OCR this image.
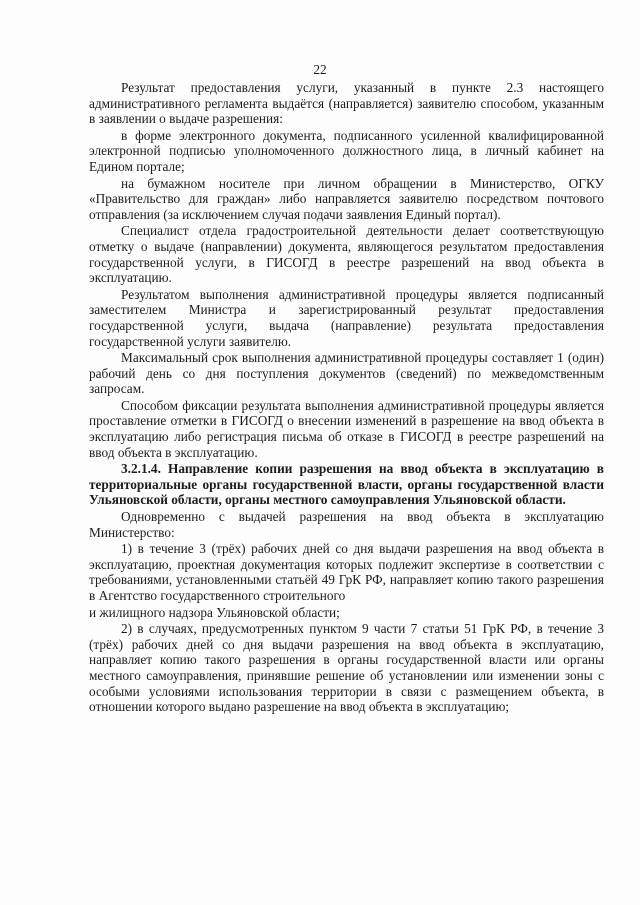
22

Результат предоставления услуги, указанный в пункте 2.3 настоящего административного регламента выдаётся (направляется) заявителю способом, указанным в заявлении о выдаче разрешения:

в форме электронного документа, подписанного усиленной квалифицированной электронной подписью уполномоченного должностного лица, в личный кабинет на Едином портале;

на бумажном носителе при личном обращении в Министерство, ОГКУ «Правительство для граждан» либо направляется заявителю посредством почтового отправления (за исключением случая подачи заявления Единый портал).

Специалист отдела градостроительной деятельности делает соответствующую отметку о выдаче (направлении) документа, являющегося результатом предоставления государственной услуги, в ГИСОГД в реестре разрешений на ввод объекта в эксплуатацию.

Результатом выполнения административной процедуры является подписанный заместителем Министра и зарегистрированный результат предоставления государственной услуги, выдача (направление) результата предоставления государственной услуги заявителю.

Максимальный срок выполнения административной процедуры составляет 1 (один) рабочий день со дня поступления документов (сведений) по межведомственным запросам.

Способом фиксации результата выполнения административной процедуры является проставление отметки в ГИСОГД о внесении изменений в разрешение на ввод объекта в эксплуатацию либо регистрация письма об отказе в ГИСОГД в реестре разрешений на ввод объекта в эксплуатацию.

3.2.1.4. Направление копии разрешения на ввод объекта в эксплуатацию в территориальные органы государственной власти, органы государственной власти Ульяновской области, органы местного самоуправления Ульяновской области.

Одновременно с выдачей разрешения на ввод объекта в эксплуатацию Министерство:

1) в течение 3 (трёх) рабочих дней со дня выдачи разрешения на ввод объекта в эксплуатацию, проектная документация которых подлежит экспертизе в соответствии с требованиями, установленными статьёй 49 ГрК РФ, направляет копию такого разрешения в Агентство государственного строительного

и жилищного надзора Ульяновской области;

2) в случаях, предусмотренных пунктом 9 части 7 статьи 51 ГрК РФ, в течение 3 (трёх) рабочих дней со дня выдачи разрешения на ввод объекта в эксплуатацию, направляет копию такого разрешения в органы государственной власти или органы местного самоуправления, принявшие решение об установлении или изменении зоны с особыми условиями использования территории в связи с размещением объекта, в отношении которого выдано разрешение на ввод объекта в эксплуатацию;
